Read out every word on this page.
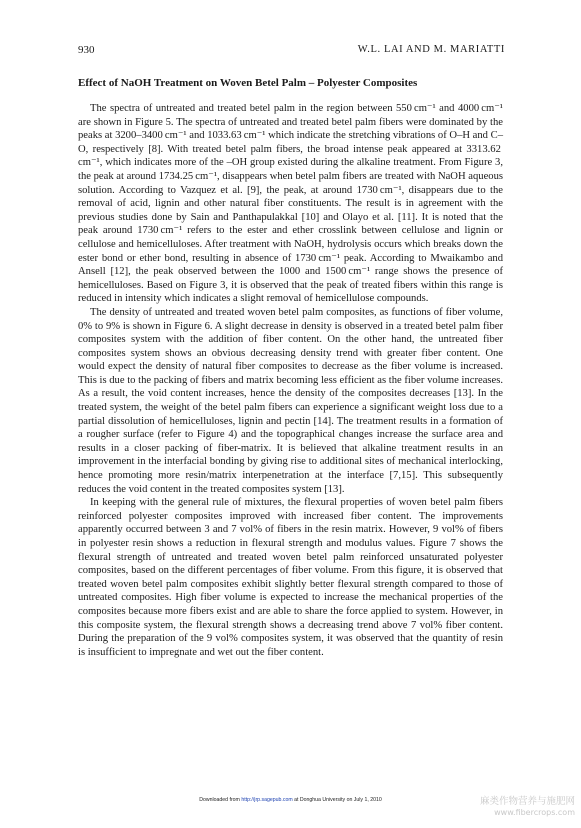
930	W.L. LAI AND M. MARIATTI
Effect of NaOH Treatment on Woven Betel Palm – Polyester Composites

The spectra of untreated and treated betel palm in the region between 550 cm⁻¹ and 4000 cm⁻¹ are shown in Figure 5. The spectra of untreated and treated betel palm fibers were dominated by the peaks at 3200–3400 cm⁻¹ and 1033.63 cm⁻¹ which indicate the stretching vibrations of O–H and C–O, respectively [8]. With treated betel palm fibers, the broad intense peak appeared at 3313.62 cm⁻¹, which indicates more of the –OH group existed during the alkaline treatment. From Figure 3, the peak at around 1734.25 cm⁻¹, disappears when betel palm fibers are treated with NaOH aqueous solution. According to Vazquez et al. [9], the peak, at around 1730 cm⁻¹, disappears due to the removal of acid, lignin and other natural fiber constituents. The result is in agreement with the previous studies done by Sain and Panthapulakkal [10] and Olayo et al. [11]. It is noted that the peak around 1730 cm⁻¹ refers to the ester and ether crosslink between cellulose and lignin or cellulose and hemicelluloses. After treatment with NaOH, hydrolysis occurs which breaks down the ester bond or ether bond, resulting in absence of 1730 cm⁻¹ peak. According to Mwaikambo and Ansell [12], the peak observed between the 1000 and 1500 cm⁻¹ range shows the presence of hemicelluloses. Based on Figure 3, it is observed that the peak of treated fibers within this range is reduced in intensity which indicates a slight removal of hemicellulose compounds.

The density of untreated and treated woven betel palm composites, as functions of fiber volume, 0% to 9% is shown in Figure 6. A slight decrease in density is observed in a treated betel palm fiber composites system with the addition of fiber content. On the other hand, the untreated fiber composites system shows an obvious decreasing density trend with greater fiber content. One would expect the density of natural fiber composites to decrease as the fiber volume is increased. This is due to the packing of fibers and matrix becoming less efficient as the fiber volume increases. As a result, the void content increases, hence the density of the composites decreases [13]. In the treated system, the weight of the betel palm fibers can experience a significant weight loss due to a partial dissolution of hemicelluloses, lignin and pectin [14]. The treatment results in a formation of a rougher surface (refer to Figure 4) and the topographical changes increase the surface area and results in a closer packing of fiber-matrix. It is believed that alkaline treatment results in an improvement in the interfacial bonding by giving rise to additional sites of mechanical interlocking, hence promoting more resin/matrix interpenetration at the interface [7,15]. This subsequently reduces the void content in the treated composites system [13].

In keeping with the general rule of mixtures, the flexural properties of woven betel palm fibers reinforced polyester composites improved with increased fiber content. The improvements apparently occurred between 3 and 7 vol% of fibers in the resin matrix. However, 9 vol% of fibers in polyester resin shows a reduction in flexural strength and modulus values. Figure 7 shows the flexural strength of untreated and treated woven betel palm reinforced unsaturated polyester composites, based on the different percentages of fiber volume. From this figure, it is observed that treated woven betel palm composites exhibit slightly better flexural strength compared to those of untreated composites. High fiber volume is expected to increase the mechanical properties of the composites because more fibers exist and are able to share the force applied to system. However, in this composite system, the flexural strength shows a decreasing trend above 7 vol% fiber content. During the preparation of the 9 vol% composites system, it was observed that the quantity of resin is insufficient to impregnate and wet out the fiber content.

Downloaded from http://jrp.sagepub.com at Donghua University on July 1, 2010	麻类作物营养与施肥网
www.fibercrops.com
